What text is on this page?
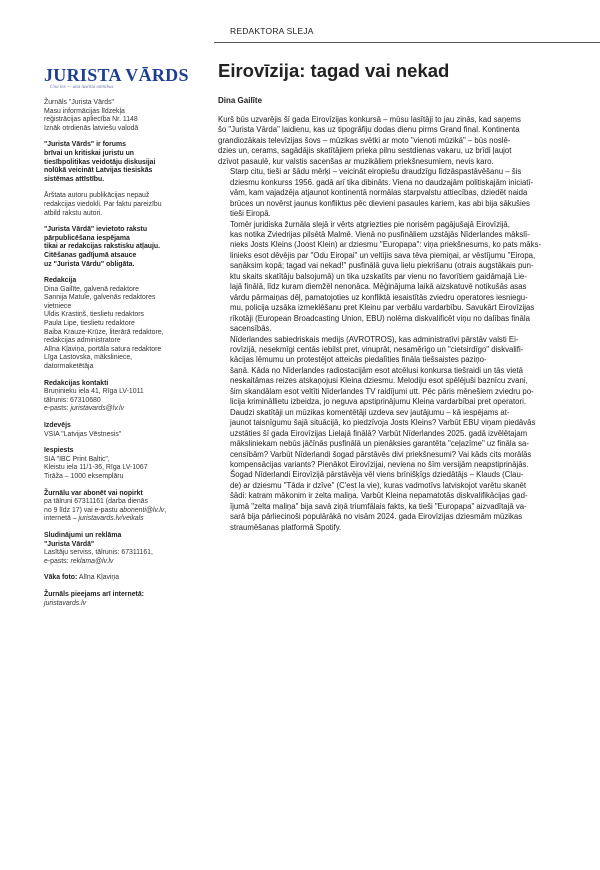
REDAKTORA SLEJA
JURISTA VĀRDS
Una lex — una iustitia omnibus
Žurnāls "Jurista Vārds"
Masu informācijas līdzekļa
reģistrācijas apliecība Nr. 1148
Iznāk otrdienās latviešu valodā
"Jurista Vārds" ir forums
brīvai un kritiskai juristu un
tiesībpolitikas veidotāju diskusijai
nolūkā veicināt Latvijas tiesiskās
sistēmas attīstību.
Ārštata autoru publikācijas nepauž
redakcijas viedokli. Par faktu pareizību
atbild rakstu autori.
"Jurista Vārdā" ievietoto rakstu
pārpublicēšana iespējama
tikai ar redakcijas rakstisku atļauju.
Citēšanas gadījumā atsauce
uz "Jurista Vārdu" obligāta.
Redakcija
Dina Gailīte, galvenā redaktore
Sannija Matule, galvenās redaktores
vietniece
Uldis Krastiņš, tieslietu redaktors
Paula Lipe, tieslietu redaktore
Baiba Krauze-Krūze, literārā redaktore,
redakcijas administratore
Alīna Kļaviņa, portāla satura redaktore
Līga Lastovska, māksliniece,
datormaketētāja
Redakcijas kontakti
Bruņinieku iela 41, Rīga LV-1011
tālrunis: 67310680
e-pasts: juristavards@lv.lv
Izdevējs
VSIA "Latvijas Vēstnesis"
Iespiests
SIA "IBC Print Baltic",
Kleistu iela 11/1-36, Rīga LV-1067
Tirāža – 1000 eksemplāru
Žurnālu var abonēt vai nopirkt
pa tālruni 67311161 (darba dienās
no 9 līdz 17) vai e-pastu abonenti@lv.lv,
internetā – juristavards.lv/veikals
Sludinājumi un reklāma
"Jurista Vārdā"
Lasītāju serviss, tālrunis: 67311161,
e-pasts: reklama@lv.lv
Vāka foto: Alīna Kļaviņa
Žurnāls pieejams arī internetā:
juristavards.lv
Eirovīzija: tagad vai nekad
Dina Gailīte

Kurš būs uzvarējis šī gada Eirovīzijas konkursā – mūsu lasītāji to jau zinās, kad saņems
šo "Jurista Vārda" laidienu, kas uz tipogrāfiju dodas dienu pirms Grand final. Kontinenta
grandiozākais televīzijas šovs – mūzikas svētki ar moto "vienoti mūzikā" – būs noslē-
dzies un, cerams, sagādājis skatītājiem prieka pilnu sestdienas vakaru, uz brīdi ļaujot
dzīvot pasaulē, kur valstis sacenšas ar muzikāliem priekšnesumiem, nevis karo.

Starp citu, tieši ar šādu mērķi – veicināt eiropiešu draudzīgu līdzāspastāvēšanu – šis
dziesmu konkurss 1956. gadā arī tika dibināts. Viena no daudzajām politiskajām iniciatī-
vām, kam vajadzēja atjaunot kontinentā normālas starpvalstu attiecības, dziedēt naida
brūces un novērst jaunus konfliktus pēc dievieni pasaules kariem, kas abi bija sākušies
tieši Eiropā.

Tomēr juridiska žurnāla slejā ir vērts atgriezties pie norisēm pagājušajā Eirovīzijā,
kas notika Zviedrijas pilsētā Malmē. Vienā no pusfināliem uzstājās Nīderlandes mākslī-
nieks Josts Kleins (Joost Klein) ar dziesmu "Europapa": viņa priekšnesums, ko pats māks-
linieks esot dēvējis par "Odu Eiropai" un veltījis sava tēva piemiņai, ar vēstījumu "Eiropa,
sanāksim kopā; tagad vai nekad!" pusfinālā guva lielu piekrišanu (otrais augstākais pun-
ktu skaits skatītāju balsojumā) un tika uzskatīts par vienu no favorītiem gaidāmajā Lie-
lajā finālā, līdz kuram diemžēl nenonāca. Mēģinājuma laikā aizskatuvē notikušās asas
vārdu pārmaiņas dēļ, pamatojoties uz konfliktā iesaistītās zviedru operatores iesniegu-
mu, policija uzsāka izmeklēšanu pret Kleinu par verbālu vardarbību. Savukārt Eirovīzijas
rīkotāji (European Broadcasting Union, EBU) nolēma diskvalificēt viņu no dalības fināla
sacensībās.

Nīderlandes sabiedriskais medijs (AVROTROS), kas administratīvi pārstāv valsti Ei-
rovīzijā, nesekmīgi centās iebilst pret, vinuprāt, nesamērīgo un "cietsirdīgo" diskvalifi-
kācijas lēmumu un protestējot atteicās piedalīties fināla tiešsaistes paziņo-
šanā. Kāda no Nīderlandes radiostacijām esot atcēlusi konkursa tiešraidi un tās vietā
neskaitāmas reizes atskaņojusi Kleina dziesmu. Melodiju esot spēlējuši baznīcu zvani,
šim skandālam esot veltīti Nīderlandes TV raidījumi utt. Pēc pāris mēnešiem zviedru po-
licija krimināllietu izbeidza, jo neguva apstiprinājumu Kleina vardarbībai pret operatori.

Daudzi skatītāji un mūzikas komentētāji uzdeva sev jautājumu – kā iespējams at-
jaunot taisnīgumu šajā situācijā, ko piedzīvoja Josts Kleins? Varbūt EBU viņam piedāvās
uzstāties šī gada Eirovīzijas Lielajā finālā? Varbūt Nīderlandes 2025. gadā izvēlētajam
māksliniekam nebūs jāčīnās pusfinālā un pienāksies garantēta "ceļazīme" uz fināla sa-
censībām? Varbūt Nīderlandi šogad pārstāvēs divi priekšnesumi? Vai kāds cits morālās
kompensācijas variants? Pienākot Eirovīzijai, neviena no šīm versijām neapstiprinājās.

Šogad Nīderlandi Eirovīzijā pārstāvēja vēl viens brīnišķīgs dziedātājs – Klauds (Clau-
de) ar dziesmu "Tāda ir dzīve" (C'est la vie), kuras vadmotīvs latviskojot varētu skanēt
šādi: katram mākonim ir zelta maliņa. Varbūt Kleina nepamatotās diskvalifikācijas gad-
ījumā "zelta maliņa" bija savā ziņā triumfālais fakts, ka tieši "Europapa" aizvadītajā va-
sarā bija pārliecinoši populārākā no visām 2024. gada Eirovīzijas dziesmām mūzikas
straumēšanas platformā Spotify.
